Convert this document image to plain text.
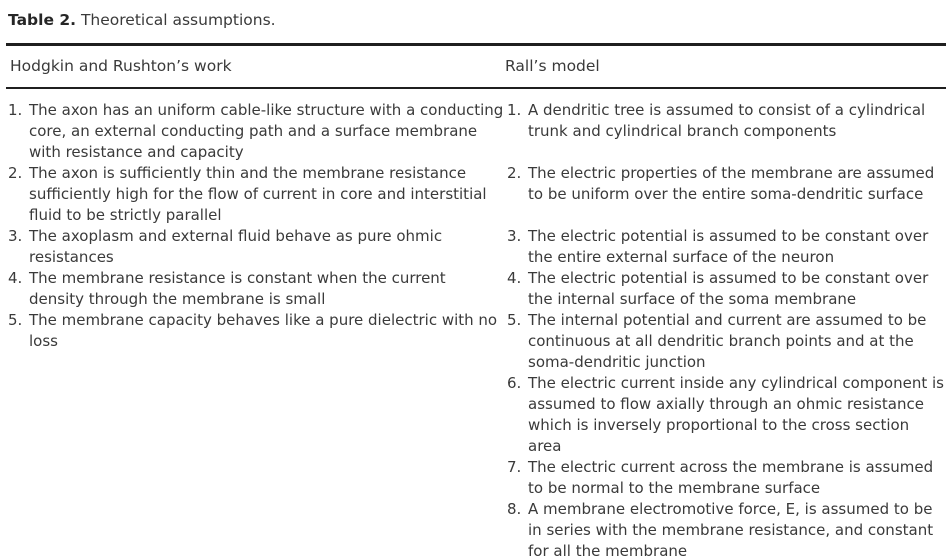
Table 2. Theoretical assumptions.
Hodgkin and Rushton’s work	Rall’s model
1. The axon has an uniform cable-like structure with a conducting core, an external conducting path and a surface membrane with resistance and capacity
2. The axon is sufficiently thin and the membrane resistance sufficiently high for the flow of current in core and interstitial fluid to be strictly parallel
3. The axoplasm and external fluid behave as pure ohmic resistances
4. The membrane resistance is constant when the current density through the membrane is small
5. The membrane capacity behaves like a pure dielectric with no loss
1. A dendritic tree is assumed to consist of a cylindrical trunk and cylindrical branch components
2. The electric properties of the membrane are assumed to be uniform over the entire soma-dendritic surface
3. The electric potential is assumed to be constant over the entire external surface of the neuron
4. The electric potential is assumed to be constant over the internal surface of the soma membrane
5. The internal potential and current are assumed to be continuous at all dendritic branch points and at the soma-dendritic junction
6. The electric current inside any cylindrical component is assumed to flow axially through an ohmic resistance which is inversely proportional to the cross section area
7. The electric current across the membrane is assumed to be normal to the membrane surface
8. A membrane electromotive force, E, is assumed to be in series with the membrane resistance, and constant for all the membrane
